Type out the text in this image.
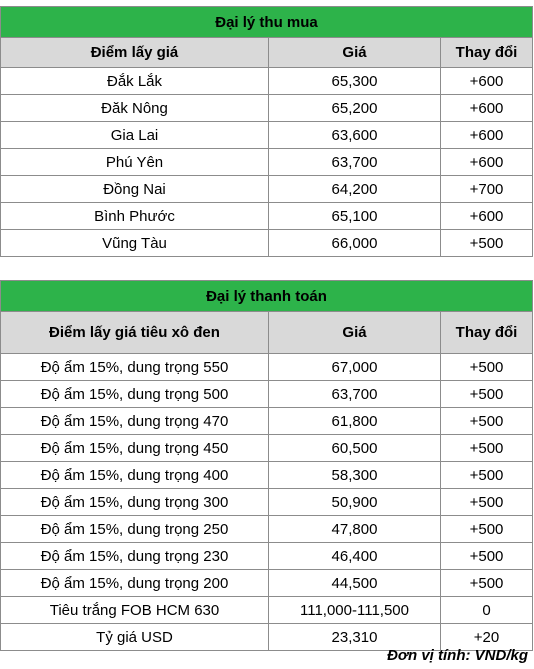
Đại lý thu mua		
Điểm lấy giá	Giá	Thay đổi
Đắk Lắk	65,300	+600
Đăk Nông	65,200	+600
Gia Lai	63,600	+600
Phú Yên	63,700	+600
Đồng Nai	64,200	+700
Bình Phước	65,100	+600
Vũng Tàu	66,000	+500
Đại lý thanh toán		
Điểm lấy giá tiêu xô đen	Giá	Thay đổi
Độ ẩm 15%, dung trọng 550	67,000	+500
Độ ẩm 15%, dung trọng 500	63,700	+500
Độ ẩm 15%, dung trọng 470	61,800	+500
Độ ẩm 15%, dung trọng 450	60,500	+500
Độ ẩm 15%, dung trọng 400	58,300	+500
Độ ẩm 15%, dung trọng 300	50,900	+500
Độ ẩm 15%, dung trọng 250	47,800	+500
Độ ẩm 15%, dung trọng 230	46,400	+500
Độ ẩm 15%, dung trọng 200	44,500	+500
Tiêu trắng FOB HCM 630	111,000-111,500	0
Tỷ giá USD	23,310	+20
Đơn vị tính: VND/kg
